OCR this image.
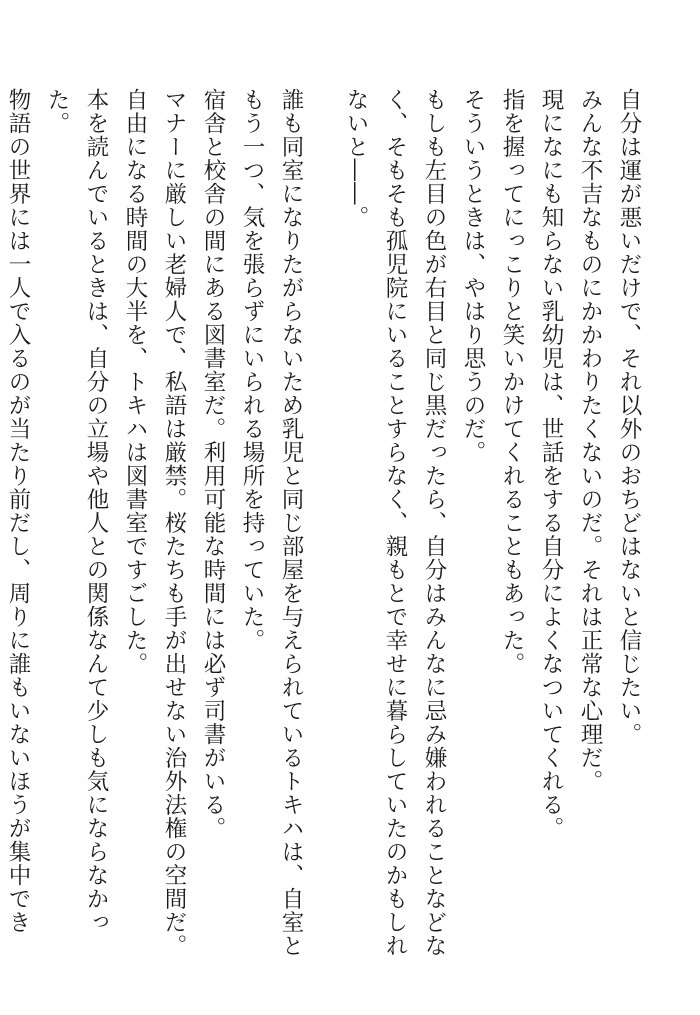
自分は運が悪いだけで、それ以外のおちどはないと信じたい。

みんな不吉なものにかかわりたくないのだ。それは正常な心理だ。

現になにも知らない乳幼児は、世話をする自分によくなついてくれる。

指を握ってにっこりと笑いかけてくれることもあった。

そういうときは、やはり思うのだ。

もしも左目の色が右目と同じ黒だったら、自分はみんなに忌み嫌われることなどなく、そもそも孤児院にいることすらなく、親もとで幸せに暮らしていたのかもしれないと――。

誰も同室になりたがらないため乳児と同じ部屋を与えられているトキハは、自室ともう一つ、気を張らずにいられる場所を持っていた。

宿舎と校舎の間にある図書室だ。利用可能な時間には必ず司書がいる。

マナーに厳しい老婦人で、私語は厳禁。桜たちも手が出せない治外法権の空間だ。

自由になる時間の大半を、トキハは図書室ですごした。

本を読んでいるときは、自分の立場や他人との関係なんて少しも気にならなかった。

物語の世界には一人で入るのが当たり前だし、周りに誰もいないほうが集中でき
